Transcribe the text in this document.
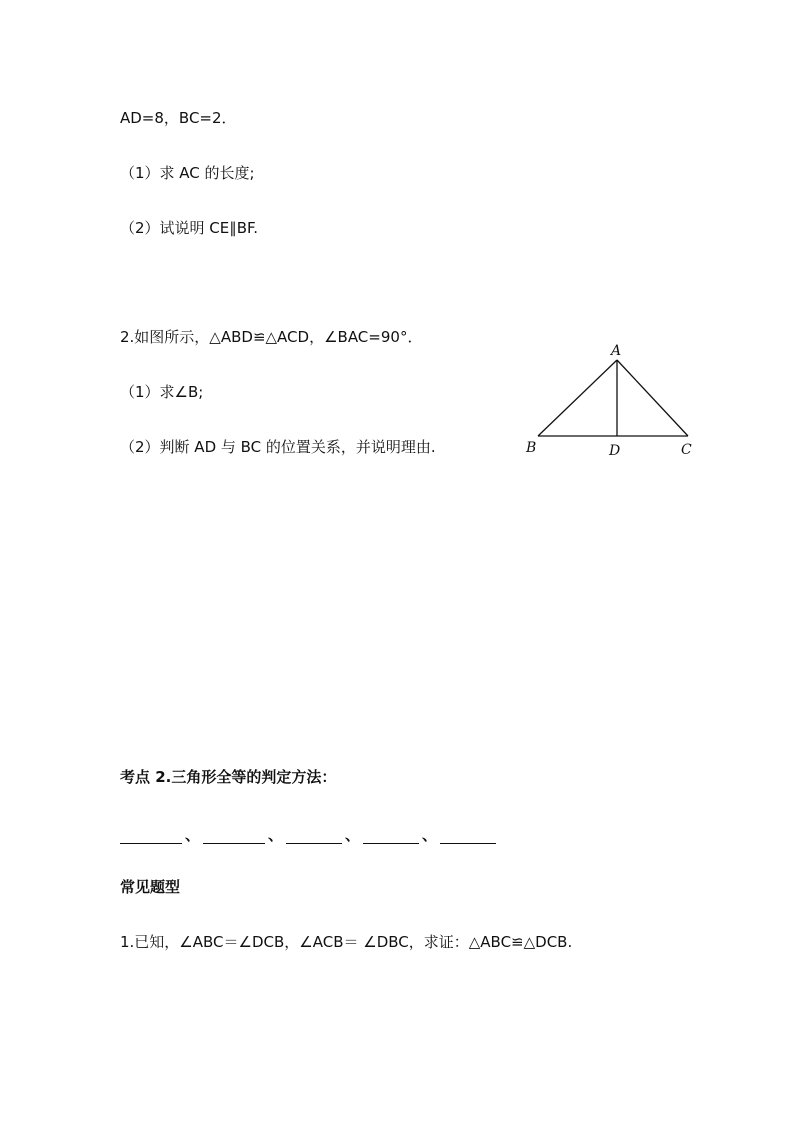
AD=8，BC=2．
（1）求 AC 的长度;
（2）试说明 CE∥BF.
2.如图所示，△ABD≌△ACD，∠BAC=90°．
（1）求∠B;
（2）判断 AD 与 BC 的位置关系，并说明理由.
A
B	D	C
考点 2.三角形全等的判定方法：
、	、	、	、
常见题型
1.已知，∠ABC＝∠DCB，∠ACB＝ ∠DBC，求证：△ABC≌△DCB.
